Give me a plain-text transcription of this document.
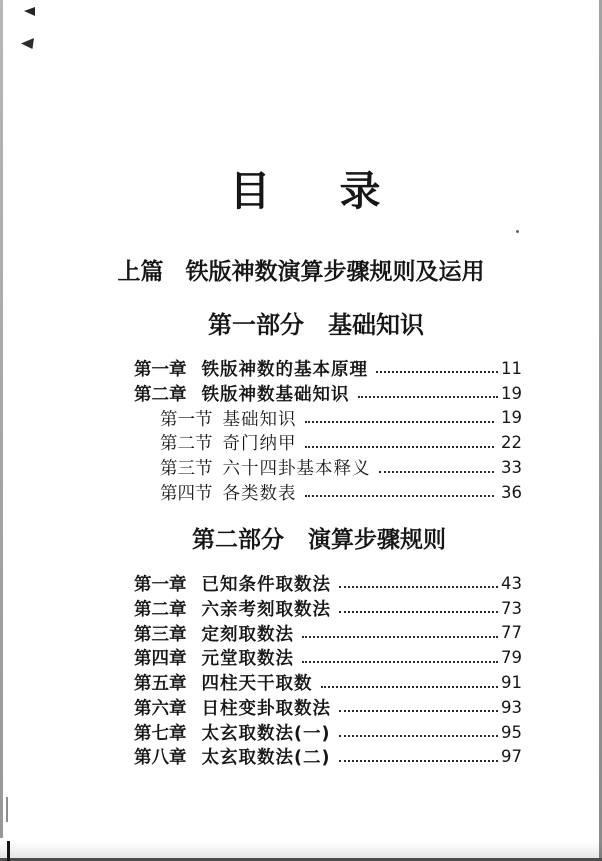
目　录
上篇 铁版神数演算步骤规则及运用
第一部分 基础知识
第一章 铁版神数的基本原理	11
第二章 铁版神数基础知识	19
第一节 基础知识	19
第二节 奇门纳甲	22
第三节 六十四卦基本释义	33
第四节 各类数表	36
第二部分 演算步骤规则
第一章 已知条件取数法	43
第二章 六亲考刻取数法	73
第三章 定刻取数法	77
第四章 元堂取数法	79
第五章 四柱天干取数	91
第六章 日柱变卦取数法	93
第七章 太玄取数法(一)	95
第八章 太玄取数法(二)	97
